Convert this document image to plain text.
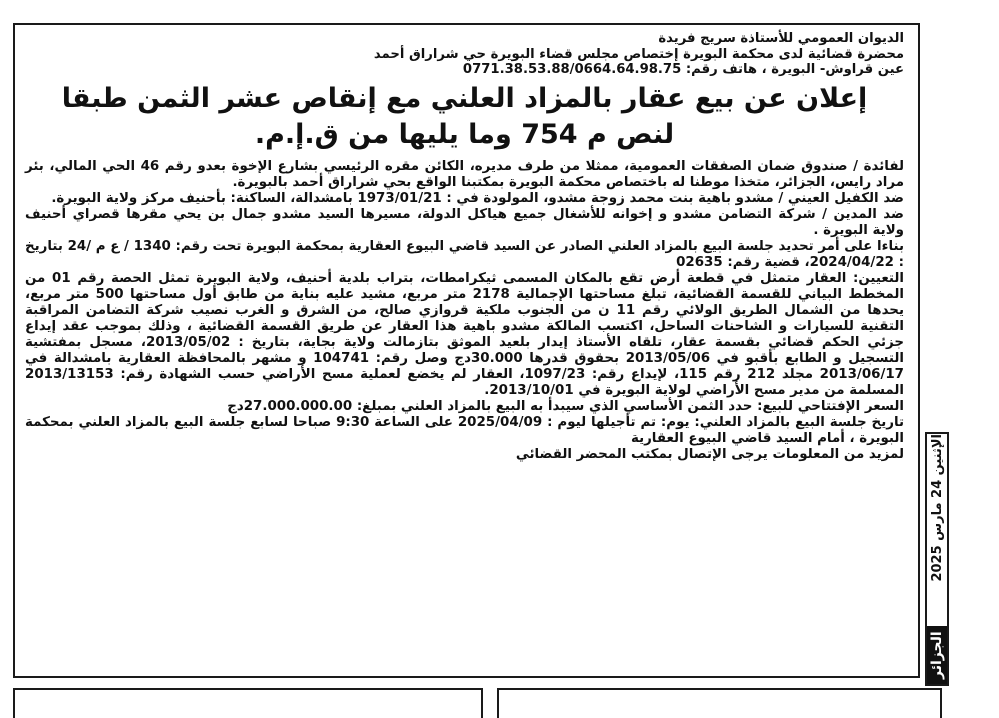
الديوان العمومي للأستاذة سريج فريدة
محضرة قضائية لدى محكمة البويرة إختصاص مجلس قضاء البويرة حي شراراق أحمد
عين قراوش- البويرة ، هاتف رقم: 0771.38.53.88/0664.64.98.75
إعلان عن بيع عقار بالمزاد العلني مع إنقاص عشر الثمن طبقا
لنص م 754 وما يليها من ق.إ.م.

لفائدة / صندوق ضمان الصفقات العمومية، ممثلا من طرف مديره، الكائن مقره الرئيسي بشارع الإخوة بعدو رقم 46 الحي المالي، بئر مراد رايس، الجزائر، متخذا موطنا له باختصاص محكمة البويرة بمكتبنا الواقع بحي شراراق أحمد بالبويرة.

ضد الكفيل العيني / مشدو باهية بنت محمد زوجة مشدو، المولودة في : 1973/01/21 بامشدالة، الساكنة: بأحنيف مركز ولاية البويرة.

ضد المدين / شركة التضامن مشدو و إخوانه للأشغال جميع هياكل الدولة، مسيرها السيد مشدو جمال بن يحي مقرها قصراي أحنيف ولاية البويرة .

بناءا على أمر تحديد جلسة البيع بالمزاد العلني الصادر عن السيد قاضي البيوع العقارية بمحكمة البويرة تحت رقم: 1340 / ع م /24 بتاريخ : 2024/04/22، قضية رقم: 02635

التعيين: العقار متمثل في قطعة أرض تقع بالمكان المسمى ثيكرامطات، بتراب بلدية أحنيف، ولاية البويرة تمثل الحصة رقم 01 من المخطط البياني للقسمة القضائية، تبلغ مساحتها الإجمالية 2178 متر مربع، مشيد عليه بناية من طابق أول مساحتها 500 متر مربع، يحدها من الشمال الطريق الولائي رقم 11 ن من الجنوب ملكية قروازي صالح، من الشرق و الغرب نصيب شركة التضامن المراقبة التقنية للسيارات و الشاحنات الساحل، اكتسب المالكة مشدو باهية هذا العقار عن طريق القسمة القضائية ، وذلك بموجب عقد إيداع جزئي الحكم قضائي بقسمة عقار، تلقاه الأستاذ إيدار بلعيد الموثق بتازمالت ولاية بجاية، بتاريخ : 2013/05/02، مسجل بمفتشية التسجيل و الطابع بأقبو في 2013/05/06 بحقوق قدرها 30.000دج وصل رقم: 104741 و مشهر بالمحافظة العقارية بامشدالة في 2013/06/17 مجلد 212 رقم 115، لإيداع رقم: 1097/23، العقار لم يخضع لعملية مسح الأراضي حسب الشهادة رقم: 2013/13153 المسلمة من مدير مسح الأراضي لولاية البويرة في 2013/10/01.

السعر الإفتتاحي للبيع: حدد الثمن الأساسي الذي سيبدأ به البيع بالمزاد العلني بمبلغ: 27.000.000.00دج

تاريخ جلسة البيع بالمزاد العلني: يوم: تم تأجيلها ليوم : 2025/04/09 على الساعة 9:30 صباحا لسابع جلسة البيع بالمزاد العلني بمحكمة البويرة ، أمام السيد قاضي البيوع العقارية

لمزيد من المعلومات يرجى الإتصال بمكتب المحضر القضائي

الجزائر
الإثنين 24 مارس 2025
